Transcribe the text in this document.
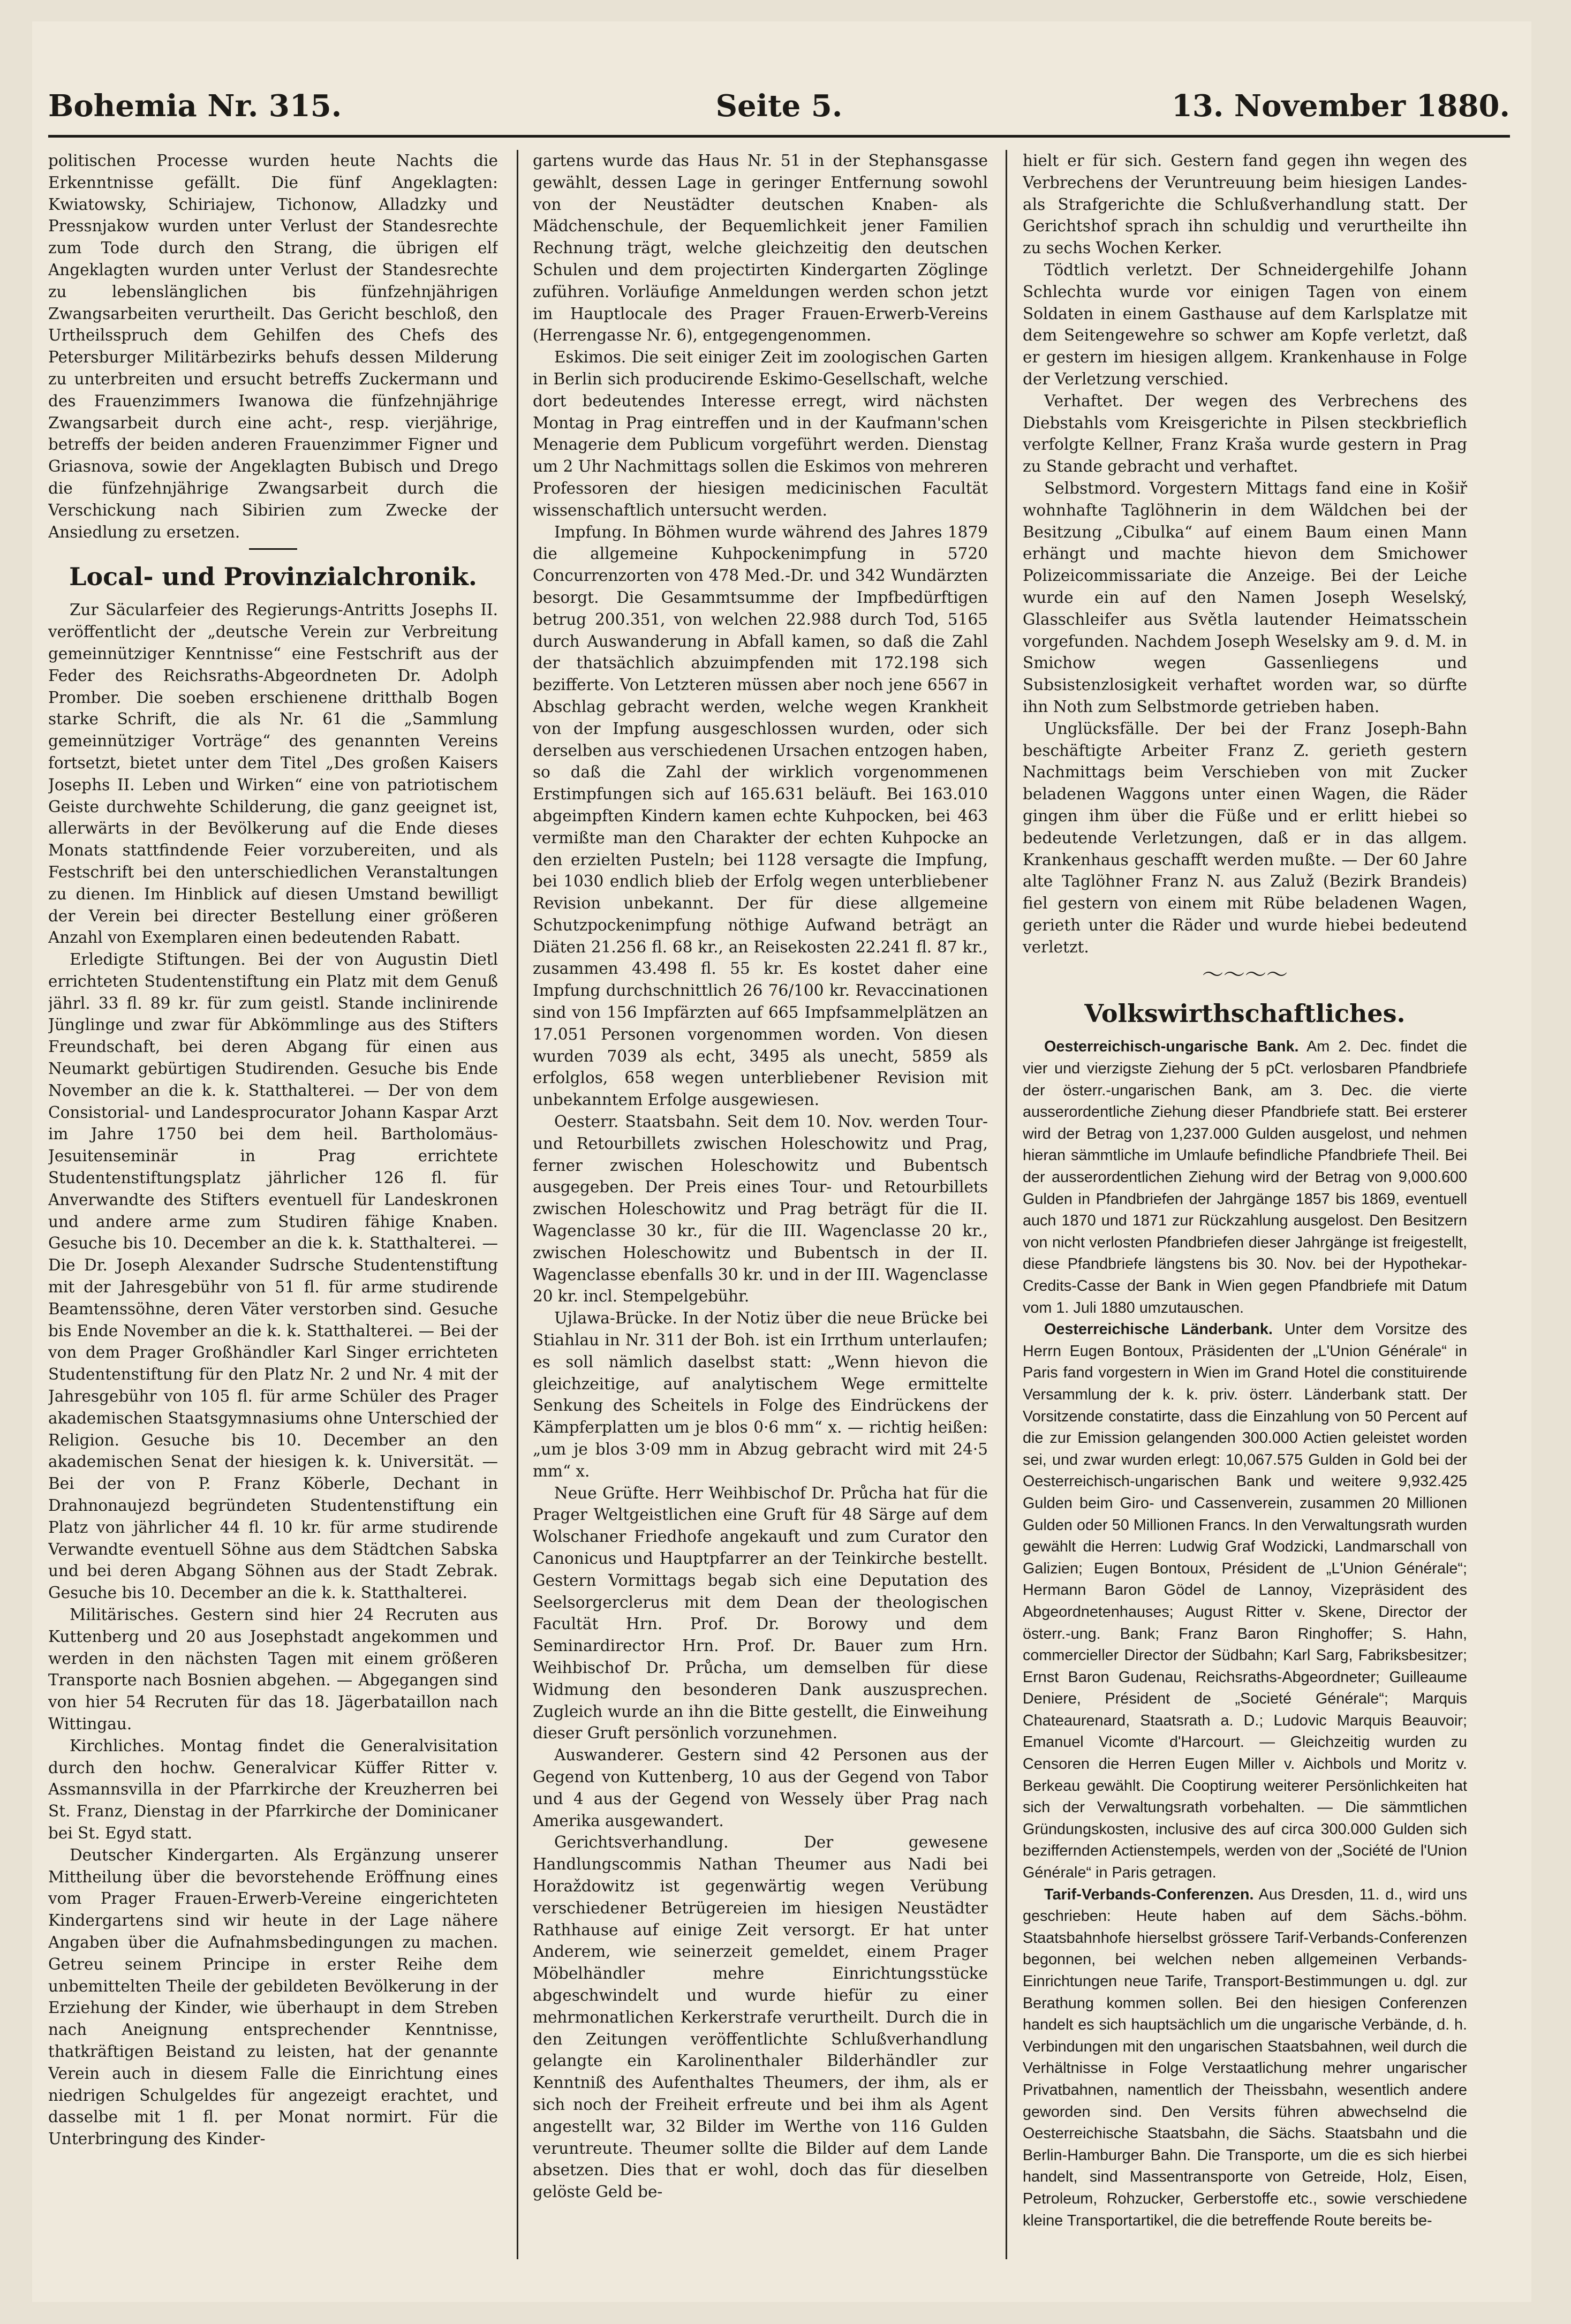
Bohemia Nr. 315.	Seite 5.	13. November 1880.

politischen Processe wurden heute Nachts die Erkenntnisse gefällt. Die fünf Angeklagten: Kwiatowsky, Schiriajew, Tichonow, Alladzky und Pressnjakow wurden unter Verlust der Standesrechte zum Tode durch den Strang, die übrigen elf Angeklagten wurden unter Verlust der Standesrechte zu lebenslänglichen bis fünfzehnjährigen Zwangsarbeiten verurtheilt. Das Gericht beschloß, den Urtheilsspruch dem Gehilfen des Chefs des Petersburger Militärbezirks behufs dessen Milderung zu unterbreiten und ersucht betreffs Zuckermann und des Frauenzimmers Iwanowa die fünfzehnjährige Zwangsarbeit durch eine acht-, resp. vierjährige, betreffs der beiden anderen Frauenzimmer Figner und Griasnova, sowie der Angeklagten Bubisch und Drego die fünfzehnjährige Zwangsarbeit durch die Verschickung nach Sibirien zum Zwecke der Ansiedlung zu ersetzen.

Local- und Provinzialchronik.

Zur Säcularfeier des Regierungs-Antritts Josephs II. veröffentlicht der „deutsche Verein zur Verbreitung gemeinnütziger Kenntnisse“ eine Festschrift aus der Feder des Reichsraths-Abgeordneten Dr. Adolph Promber. Die soeben erschienene dritthalb Bogen starke Schrift, die als Nr. 61 die „Sammlung gemeinnütziger Vorträge“ des genannten Vereins fortsetzt, bietet unter dem Titel „Des großen Kaisers Josephs II. Leben und Wirken“ eine von patriotischem Geiste durchwehte Schilderung, die ganz geeignet ist, allerwärts in der Bevölkerung auf die Ende dieses Monats stattfindende Feier vorzubereiten, und als Festschrift bei den unterschiedlichen Veranstaltungen zu dienen. Im Hinblick auf diesen Umstand bewilligt der Verein bei directer Bestellung einer größeren Anzahl von Exemplaren einen bedeutenden Rabatt.

Erledigte Stiftungen. Bei der von Augustin Dietl errichteten Studentenstiftung ein Platz mit dem Genuß jährl. 33 fl. 89 kr. für zum geistl. Stande inclinirende Jünglinge und zwar für Abkömmlinge aus des Stifters Freundschaft, bei deren Abgang für einen aus Neumarkt gebürtigen Studirenden. Gesuche bis Ende November an die k. k. Statthalterei. — Der von dem Consistorial- und Landesprocurator Johann Kaspar Arzt im Jahre 1750 bei dem heil. Bartholomäus-Jesuitenseminär in Prag errichtete Studentenstiftungsplatz jährlicher 126 fl. für Anverwandte des Stifters eventuell für Landeskronen und andere arme zum Studiren fähige Knaben. Gesuche bis 10. December an die k. k. Statthalterei. — Die Dr. Joseph Alexander Sudrsche Studentenstiftung mit der Jahresgebühr von 51 fl. für arme studirende Beamtenssöhne, deren Väter verstorben sind. Gesuche bis Ende November an die k. k. Statthalterei. — Bei der von dem Prager Großhändler Karl Singer errichteten Studentenstiftung für den Platz Nr. 2 und Nr. 4 mit der Jahresgebühr von 105 fl. für arme Schüler des Prager akademischen Staatsgymnasiums ohne Unterschied der Religion. Gesuche bis 10. December an den akademischen Senat der hiesigen k. k. Universität. — Bei der von P. Franz Köberle, Dechant in Drahnonaujezd begründeten Studentenstiftung ein Platz von jährlicher 44 fl. 10 kr. für arme studirende Verwandte eventuell Söhne aus dem Städtchen Sabska und bei deren Abgang Söhnen aus der Stadt Zebrak. Gesuche bis 10. December an die k. k. Statthalterei.

Militärisches. Gestern sind hier 24 Recruten aus Kuttenberg und 20 aus Josephstadt angekommen und werden in den nächsten Tagen mit einem größeren Transporte nach Bosnien abgehen. — Abgegangen sind von hier 54 Recruten für das 18. Jägerbataillon nach Wittingau.

Kirchliches. Montag findet die Generalvisitation durch den hochw. Generalvicar Küffer Ritter v. Assmannsvilla in der Pfarrkirche der Kreuzherren bei St. Franz, Dienstag in der Pfarrkirche der Dominicaner bei St. Egyd statt.

Deutscher Kindergarten. Als Ergänzung unserer Mittheilung über die bevorstehende Eröffnung eines vom Prager Frauen-Erwerb-Vereine eingerichteten Kindergartens sind wir heute in der Lage nähere Angaben über die Aufnahmsbedingungen zu machen. Getreu seinem Principe in erster Reihe dem unbemittelten Theile der gebildeten Bevölkerung in der Erziehung der Kinder, wie überhaupt in dem Streben nach Aneignung entsprechender Kenntnisse, thatkräftigen Beistand zu leisten, hat der genannte Verein auch in diesem Falle die Einrichtung eines niedrigen Schulgeldes für angezeigt erachtet, und dasselbe mit 1 fl. per Monat normirt. Für die Unterbringung des Kinder-

gartens wurde das Haus Nr. 51 in der Stephansgasse gewählt, dessen Lage in geringer Entfernung sowohl von der Neustädter deutschen Knaben- als Mädchenschule, der Bequemlichkeit jener Familien Rechnung trägt, welche gleichzeitig den deutschen Schulen und dem projectirten Kindergarten Zöglinge zuführen. Vorläufige Anmeldungen werden schon jetzt im Hauptlocale des Prager Frauen-Erwerb-Vereins (Herrengasse Nr. 6), entgegengenommen.

Eskimos. Die seit einiger Zeit im zoologischen Garten in Berlin sich producirende Eskimo-Gesellschaft, welche dort bedeutendes Interesse erregt, wird nächsten Montag in Prag eintreffen und in der Kaufmann'schen Menagerie dem Publicum vorgeführt werden. Dienstag um 2 Uhr Nachmittags sollen die Eskimos von mehreren Professoren der hiesigen medicinischen Facultät wissenschaftlich untersucht werden.

Impfung. In Böhmen wurde während des Jahres 1879 die allgemeine Kuhpockenimpfung in 5720 Concurrenzorten von 478 Med.-Dr. und 342 Wundärzten besorgt. Die Gesammtsumme der Impfbedürftigen betrug 200.351, von welchen 22.988 durch Tod, 5165 durch Auswanderung in Abfall kamen, so daß die Zahl der thatsächlich abzuimpfenden mit 172.198 sich bezifferte. Von Letzteren müssen aber noch jene 6567 in Abschlag gebracht werden, welche wegen Krankheit von der Impfung ausgeschlossen wurden, oder sich derselben aus verschiedenen Ursachen entzogen haben, so daß die Zahl der wirklich vorgenommenen Erstimpfungen sich auf 165.631 beläuft. Bei 163.010 abgeimpften Kindern kamen echte Kuhpocken, bei 463 vermißte man den Charakter der echten Kuhpocke an den erzielten Pusteln; bei 1128 versagte die Impfung, bei 1030 endlich blieb der Erfolg wegen unterbliebener Revision unbekannt. Der für diese allgemeine Schutzpockenimpfung nöthige Aufwand beträgt an Diäten 21.256 fl. 68 kr., an Reisekosten 22.241 fl. 87 kr., zusammen 43.498 fl. 55 kr. Es kostet daher eine Impfung durchschnittlich 26 76/100 kr. Revaccinationen sind von 156 Impfärzten auf 665 Impfsammelplätzen an 17.051 Personen vorgenommen worden. Von diesen wurden 7039 als echt, 3495 als unecht, 5859 als erfolglos, 658 wegen unterbliebener Revision mit unbekanntem Erfolge ausgewiesen.

Oesterr. Staatsbahn. Seit dem 10. Nov. werden Tour- und Retourbillets zwischen Holeschowitz und Prag, ferner zwischen Holeschowitz und Bubentsch ausgegeben. Der Preis eines Tour- und Retourbillets zwischen Holeschowitz und Prag beträgt für die II. Wagenclasse 30 kr., für die III. Wagenclasse 20 kr., zwischen Holeschowitz und Bubentsch in der II. Wagenclasse ebenfalls 30 kr. und in der III. Wagenclasse 20 kr. incl. Stempelgebühr.

Ujlawa-Brücke. In der Notiz über die neue Brücke bei Stiahlau in Nr. 311 der Boh. ist ein Irrthum unterlaufen; es soll nämlich daselbst statt: „Wenn hievon die gleichzeitige, auf analytischem Wege ermittelte Senkung des Scheitels in Folge des Eindrückens der Kämpferplatten um je blos 0·6 mm“ x. — richtig heißen: „um je blos 3·09 mm in Abzug gebracht wird mit 24·5 mm“ x.

Neue Grüfte. Herr Weihbischof Dr. Průcha hat für die Prager Weltgeistlichen eine Gruft für 48 Särge auf dem Wolschaner Friedhofe angekauft und zum Curator den Canonicus und Hauptpfarrer an der Teinkirche bestellt. Gestern Vormittags begab sich eine Deputation des Seelsorgerclerus mit dem Dean der theologischen Facultät Hrn. Prof. Dr. Borowy und dem Seminardirector Hrn. Prof. Dr. Bauer zum Hrn. Weihbischof Dr. Průcha, um demselben für diese Widmung den besonderen Dank auszusprechen. Zugleich wurde an ihn die Bitte gestellt, die Einweihung dieser Gruft persönlich vorzunehmen.

Auswanderer. Gestern sind 42 Personen aus der Gegend von Kuttenberg, 10 aus der Gegend von Tabor und 4 aus der Gegend von Wessely über Prag nach Amerika ausgewandert.

Gerichtsverhandlung. Der gewesene Handlungscommis Nathan Theumer aus Nadi bei Horaždowitz ist gegenwärtig wegen Verübung verschiedener Betrügereien im hiesigen Neustädter Rathhause auf einige Zeit versorgt. Er hat unter Anderem, wie seinerzeit gemeldet, einem Prager Möbelhändler mehre Einrichtungsstücke abgeschwindelt und wurde hiefür zu einer mehrmonatlichen Kerkerstrafe verurtheilt. Durch die in den Zeitungen veröffentlichte Schlußverhandlung gelangte ein Karolinenthaler Bilderhändler zur Kenntniß des Aufenthaltes Theumers, der ihm, als er sich noch der Freiheit erfreute und bei ihm als Agent angestellt war, 32 Bilder im Werthe von 116 Gulden veruntreute. Theumer sollte die Bilder auf dem Lande absetzen. Dies that er wohl, doch das für dieselben gelöste Geld be-

hielt er für sich. Gestern fand gegen ihn wegen des Verbrechens der Veruntreuung beim hiesigen Landes- als Strafgerichte die Schlußverhandlung statt. Der Gerichtshof sprach ihn schuldig und verurtheilte ihn zu sechs Wochen Kerker.

Tödtlich verletzt. Der Schneidergehilfe Johann Schlechta wurde vor einigen Tagen von einem Soldaten in einem Gasthause auf dem Karlsplatze mit dem Seitengewehre so schwer am Kopfe verletzt, daß er gestern im hiesigen allgem. Krankenhause in Folge der Verletzung verschied.

Verhaftet. Der wegen des Verbrechens des Diebstahls vom Kreisgerichte in Pilsen steckbrieflich verfolgte Kellner, Franz Kraša wurde gestern in Prag zu Stande gebracht und verhaftet.

Selbstmord. Vorgestern Mittags fand eine in Košiř wohnhafte Taglöhnerin in dem Wäldchen bei der Besitzung „Cibulka“ auf einem Baum einen Mann erhängt und machte hievon dem Smichower Polizeicommissariate die Anzeige. Bei der Leiche wurde ein auf den Namen Joseph Weselský, Glasschleifer aus Světla lautender Heimatsschein vorgefunden. Nachdem Joseph Weselsky am 9. d. M. in Smichow wegen Gassenliegens und Subsistenzlosigkeit verhaftet worden war, so dürfte ihn Noth zum Selbstmorde getrieben haben.

Unglücksfälle. Der bei der Franz Joseph-Bahn beschäftigte Arbeiter Franz Z. gerieth gestern Nachmittags beim Verschieben von mit Zucker beladenen Waggons unter einen Wagen, die Räder gingen ihm über die Füße und er erlitt hiebei so bedeutende Verletzungen, daß er in das allgem. Krankenhaus geschafft werden mußte. — Der 60 Jahre alte Taglöhner Franz N. aus Zaluž (Bezirk Brandeis) fiel gestern von einem mit Rübe beladenen Wagen, gerieth unter die Räder und wurde hiebei bedeutend verletzt.

〜〜〜〜
Volkswirthschaftliches.

Oesterreichisch-ungarische Bank. Am 2. Dec. findet die vier und vierzigste Ziehung der 5 pCt. verlosbaren Pfandbriefe der österr.-ungarischen Bank, am 3. Dec. die vierte ausserordentliche Ziehung dieser Pfandbriefe statt. Bei ersterer wird der Betrag von 1,237.000 Gulden ausgelost, und nehmen hieran sämmtliche im Umlaufe befindliche Pfandbriefe Theil. Bei der ausserordentlichen Ziehung wird der Betrag von 9,000.600 Gulden in Pfandbriefen der Jahrgänge 1857 bis 1869, eventuell auch 1870 und 1871 zur Rückzahlung ausgelost. Den Besitzern von nicht verlosten Pfandbriefen dieser Jahrgänge ist freigestellt, diese Pfandbriefe längstens bis 30. Nov. bei der Hypothekar-Credits-Casse der Bank in Wien gegen Pfandbriefe mit Datum vom 1. Juli 1880 umzutauschen.

Oesterreichische Länderbank. Unter dem Vorsitze des Herrn Eugen Bontoux, Präsidenten der „L'Union Générale“ in Paris fand vorgestern in Wien im Grand Hotel die constituirende Versammlung der k. k. priv. österr. Länderbank statt. Der Vorsitzende constatirte, dass die Einzahlung von 50 Percent auf die zur Emission gelangenden 300.000 Actien geleistet worden sei, und zwar wurden erlegt: 10,067.575 Gulden in Gold bei der Oesterreichisch-ungarischen Bank und weitere 9,932.425 Gulden beim Giro- und Cassenverein, zusammen 20 Millionen Gulden oder 50 Millionen Francs. In den Verwaltungsrath wurden gewählt die Herren: Ludwig Graf Wodzicki, Landmarschall von Galizien; Eugen Bontoux, Président de „L'Union Générale“; Hermann Baron Gödel de Lannoy, Vizepräsident des Abgeordnetenhauses; August Ritter v. Skene, Director der österr.-ung. Bank; Franz Baron Ringhoffer; S. Hahn, commercieller Director der Südbahn; Karl Sarg, Fabriksbesitzer; Ernst Baron Gudenau, Reichsraths-Abgeordneter; Guilleaume Deniere, Président de „Societé Générale“; Marquis Chateaurenard, Staatsrath a. D.; Ludovic Marquis Beauvoir; Emanuel Vicomte d'Harcourt. — Gleichzeitig wurden zu Censoren die Herren Eugen Miller v. Aichbols und Moritz v. Berkeau gewählt. Die Cooptirung weiterer Persönlichkeiten hat sich der Verwaltungsrath vorbehalten. — Die sämmtlichen Gründungskosten, inclusive des auf circa 300.000 Gulden sich beziffernden Actienstempels, werden von der „Société de l'Union Générale“ in Paris getragen.

Tarif-Verbands-Conferenzen. Aus Dresden, 11. d., wird uns geschrieben: Heute haben auf dem Sächs.-böhm. Staatsbahnhofe hierselbst grössere Tarif-Verbands-Conferenzen begonnen, bei welchen neben allgemeinen Verbands-Einrichtungen neue Tarife, Transport-Bestimmungen u. dgl. zur Berathung kommen sollen. Bei den hiesigen Conferenzen handelt es sich hauptsächlich um die ungarische Verbände, d. h. Verbindungen mit den ungarischen Staatsbahnen, weil durch die Verhältnisse in Folge Verstaatlichung mehrer ungarischer Privatbahnen, namentlich der Theissbahn, wesentlich andere geworden sind. Den Versits führen abwechselnd die Oesterreichische Staatsbahn, die Sächs. Staatsbahn und die Berlin-Hamburger Bahn. Die Transporte, um die es sich hierbei handelt, sind Massentransporte von Getreide, Holz, Eisen, Petroleum, Rohzucker, Gerberstoffe etc., sowie verschiedene kleine Transportartikel, die die betreffende Route bereits be-
